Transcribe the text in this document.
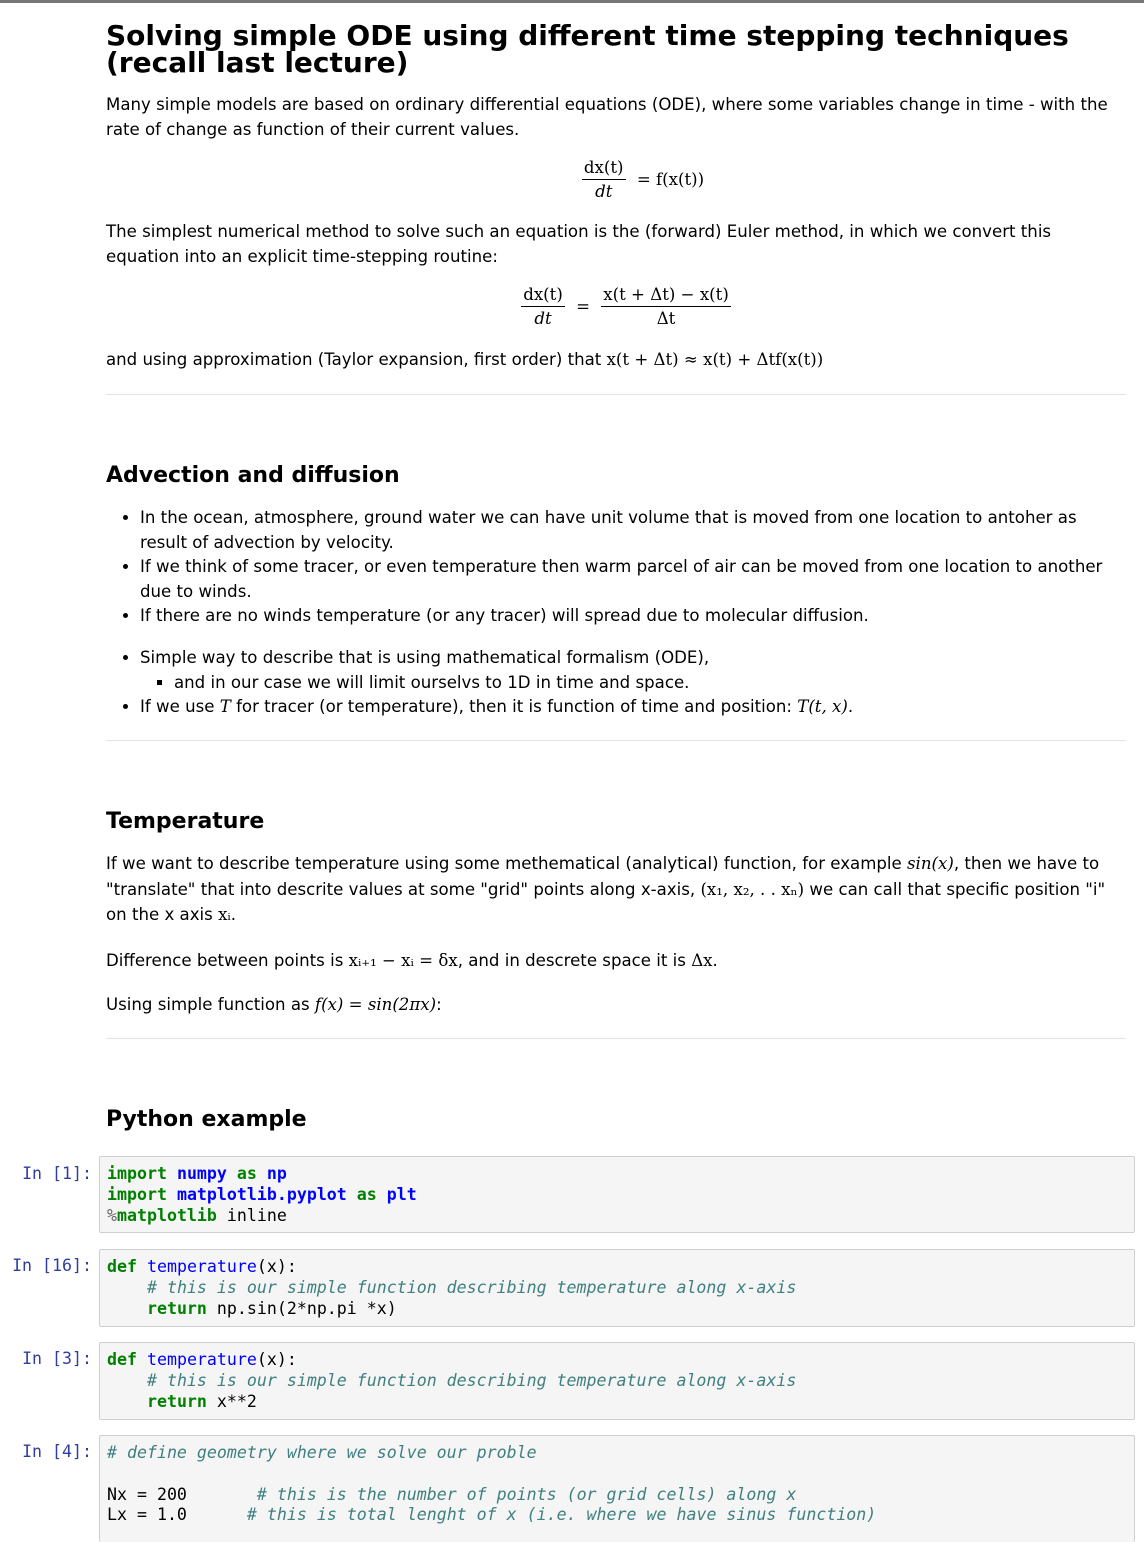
Solving simple ODE using different time stepping techniques (recall last lecture)

Many simple models are based on ordinary differential equations (ODE), where some variables change in time - with the rate of change as function of their current values.

$\frac{dx(t)}{dt} = f(x(t))$

The simplest numerical method to solve such an equation is the (forward) Euler method, in which we convert this equation into an explicit time-stepping routine:

$\frac{dx(t)}{dt} = \frac{x(t + \Delta t) - x(t)}{\Delta t}$

and using approximation (Taylor expansion, first order) that x(t + Δt) ≈ x(t) + Δtf(x(t))

Advection and diffusion
• In the ocean, atmosphere, ground water we can have unit volume that is moved from one location to antoher as result of advection by velocity.
• If we think of some tracer, or even temperature then warm parcel of air can be moved from one location to another due to winds.
• If there are no winds temperature (or any tracer) will spread due to molecular diffusion.
• Simple way to describe that is using mathematical formalism (ODE),
▪ and in our case we will limit ourselvs to 1D in time and space.
• If we use T for tracer (or temperature), then it is function of time and position: T(t, x).
Temperature

If we want to describe temperature using some methematical (analytical) function, for example sin(x), then we have to "translate" that into descrite values at some "grid" points along x-axis, (x₁, x₂, . . xₙ) we can call that specific position "i" on the x axis xᵢ.

Difference between points is xᵢ₊₁ − xᵢ = δx, and in descrete space it is Δx.

Using simple function as f(x) = sin(2πx):

Python example
In [1]: import numpy as np
import matplotlib.pyplot as plt
%matplotlib inline
In [16]: def temperature(x):
# this is our simple function describing temperature along x-axis
return np.sin(2*np.pi *x)
In [3]: def temperature(x):
# this is our simple function describing temperature along x-axis
return x**2
In [4]: # define geometry where we solve our proble

Nx = 200	# this is the number of points (or grid cells) along x
Lx = 1.0	# this is total lenght of x (i.e. where we have sinus function)
